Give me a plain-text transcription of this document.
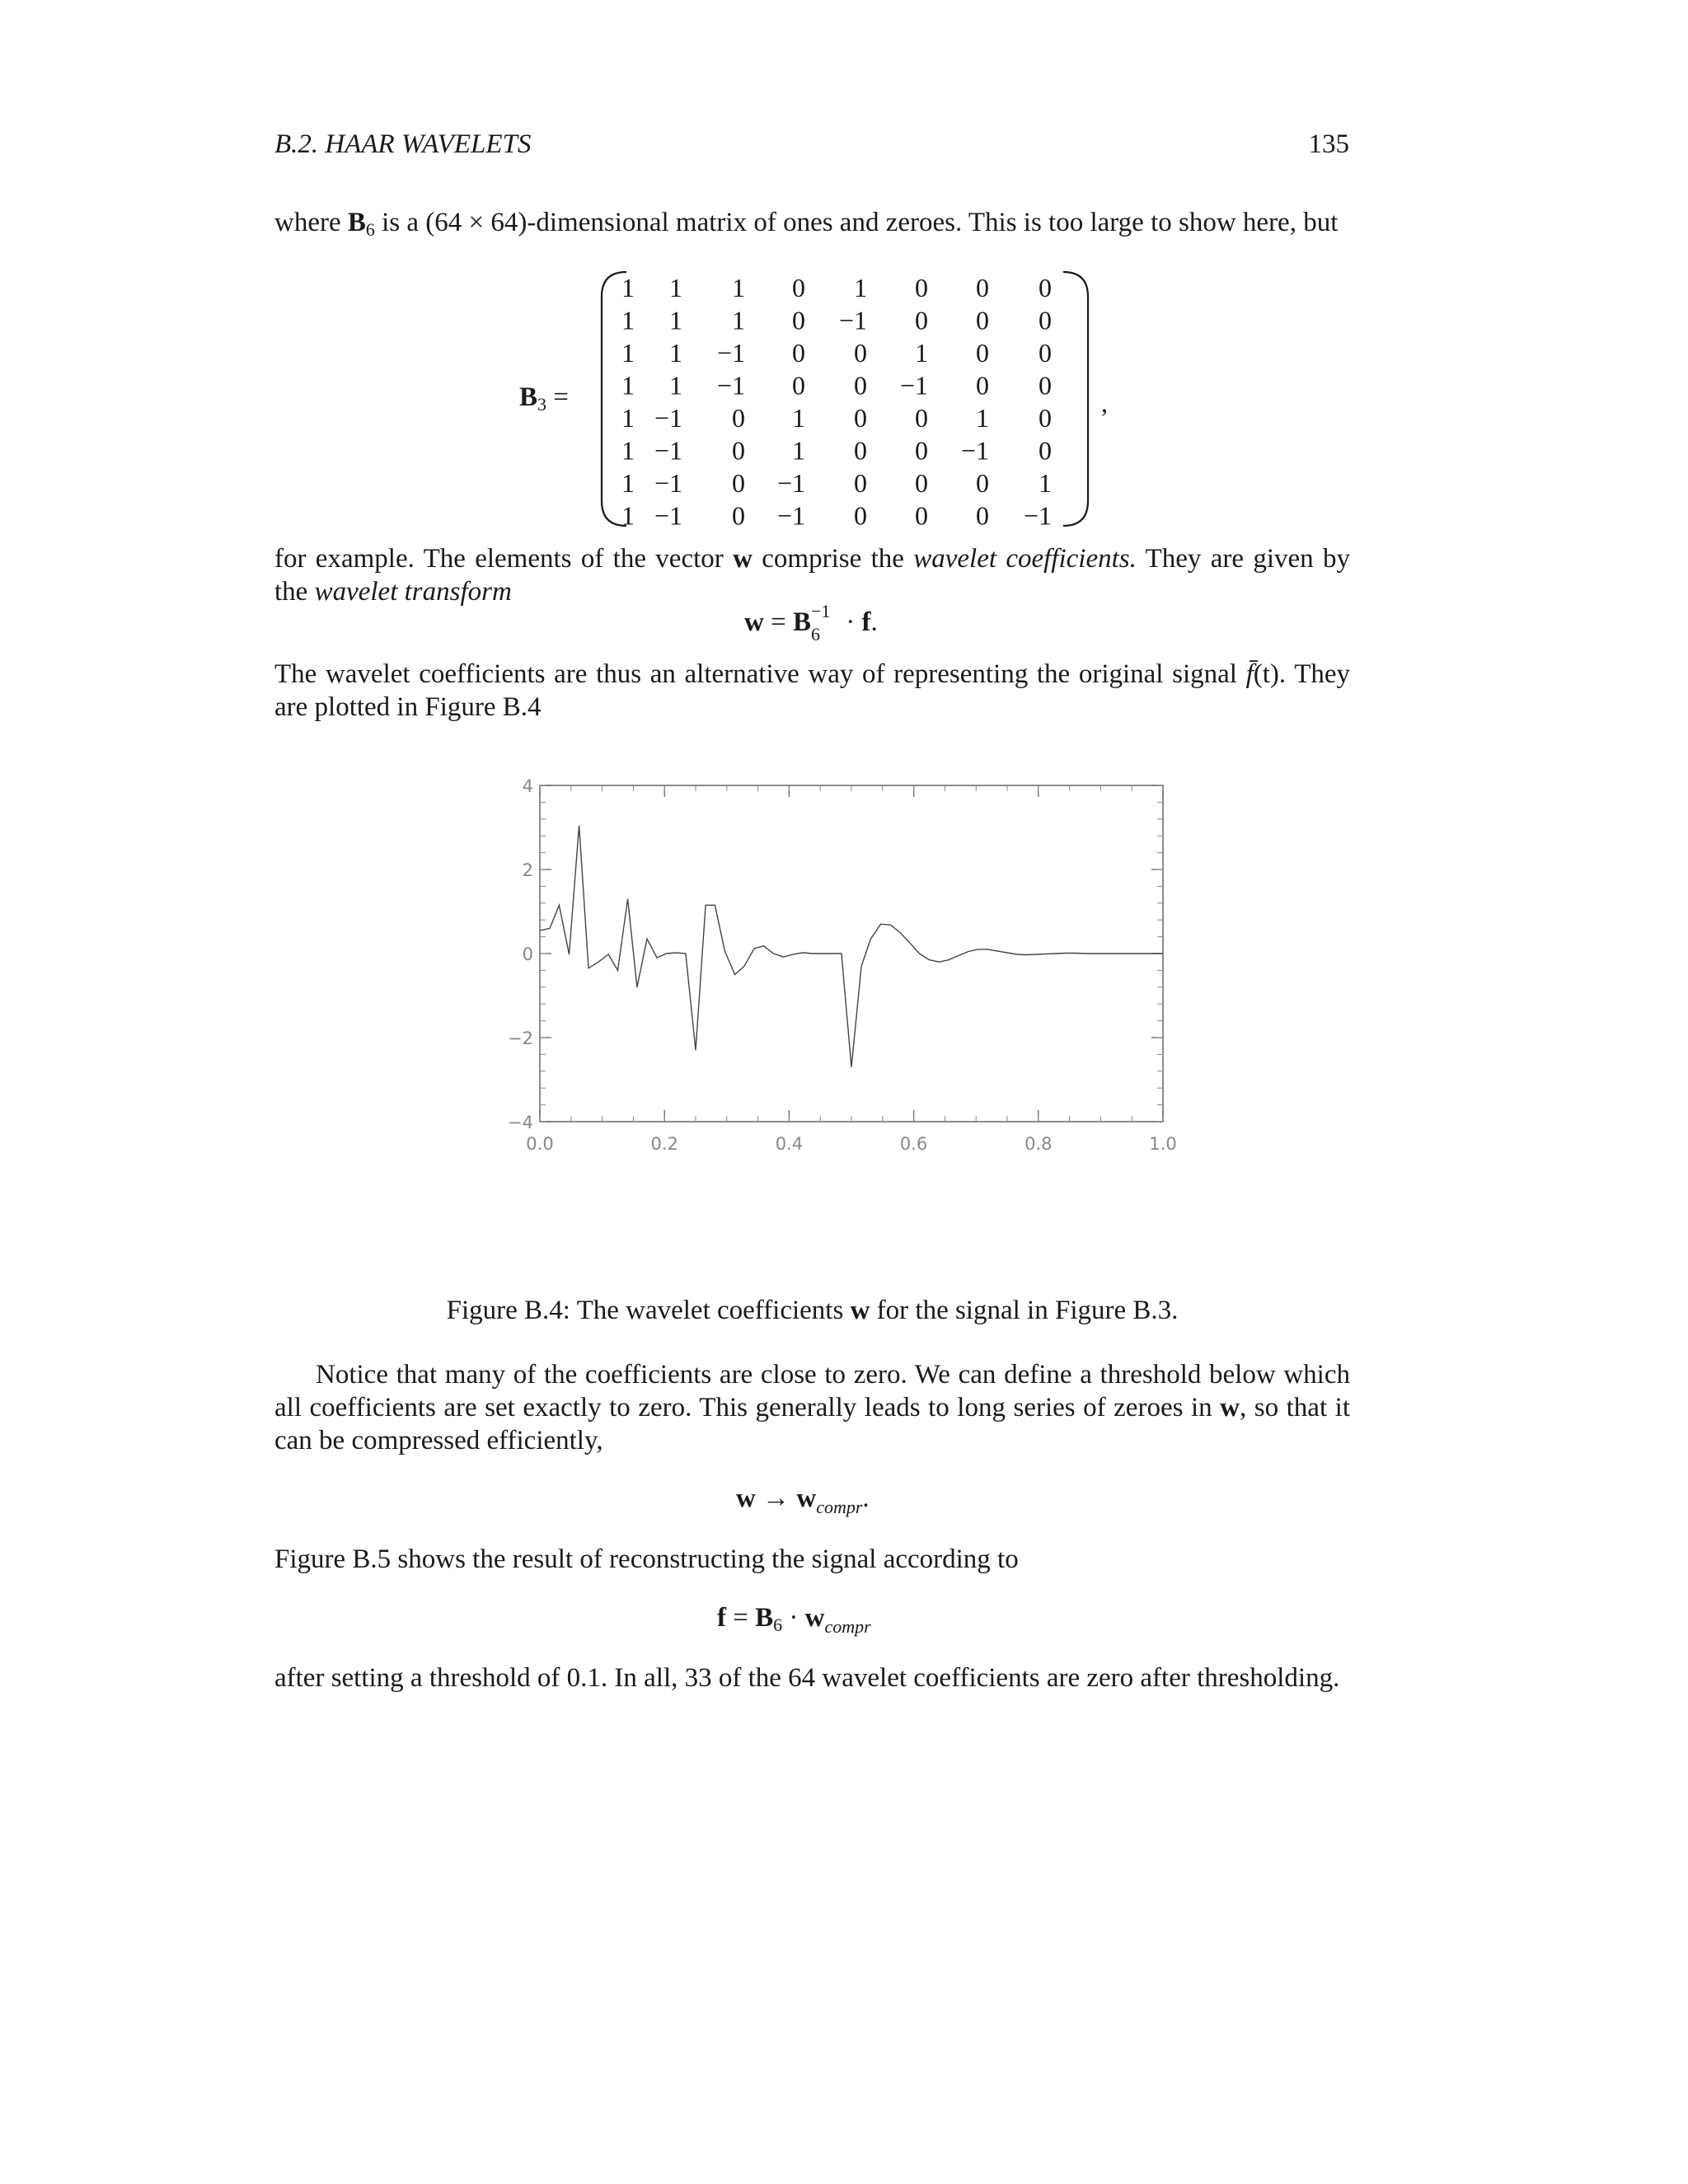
B.2. HAAR WAVELETS	135

where B6 is a (64 × 64)-dimensional matrix of ones and zeroes. This is too large to show here, but

B3 =
1 1 1 0 1 0 0 0
1 1 1 0 −1 0 0 0
1 1 −1 0 0 1 0 0
1 1 −1 0 0 −1 0 0
1 −1 0 1 0 0 1 0
1 −1 0 1 0 0 −1 0
1 −1 0 −1 0 0 0 1
1 −1 0 −1 0 0 0 −1
,

for example. The elements of the vector w comprise the wavelet coefficients. They are given by the wavelet transform

w = B −1
6 · f.

The wavelet coefficients are thus an alternative way of representing the original signal f̄(t). They are plotted in Figure B.4

0.0	0.2	0.4	0.6	0.8	1.0
4
2
0
−2
−4
Figure B.4: The wavelet coefficients w for the signal in Figure B.3.

Notice that many of the coefficients are close to zero. We can define a threshold below which all coefficients are set exactly to zero. This generally leads to long series of zeroes in w, so that it can be compressed efficiently,

$w \to w_{compr}$.

Figure B.5 shows the result of reconstructing the signal according to

$f = B6 \cdot w_{compr}$

after setting a threshold of 0.1. In all, 33 of the 64 wavelet coefficients are zero after thresholding.
